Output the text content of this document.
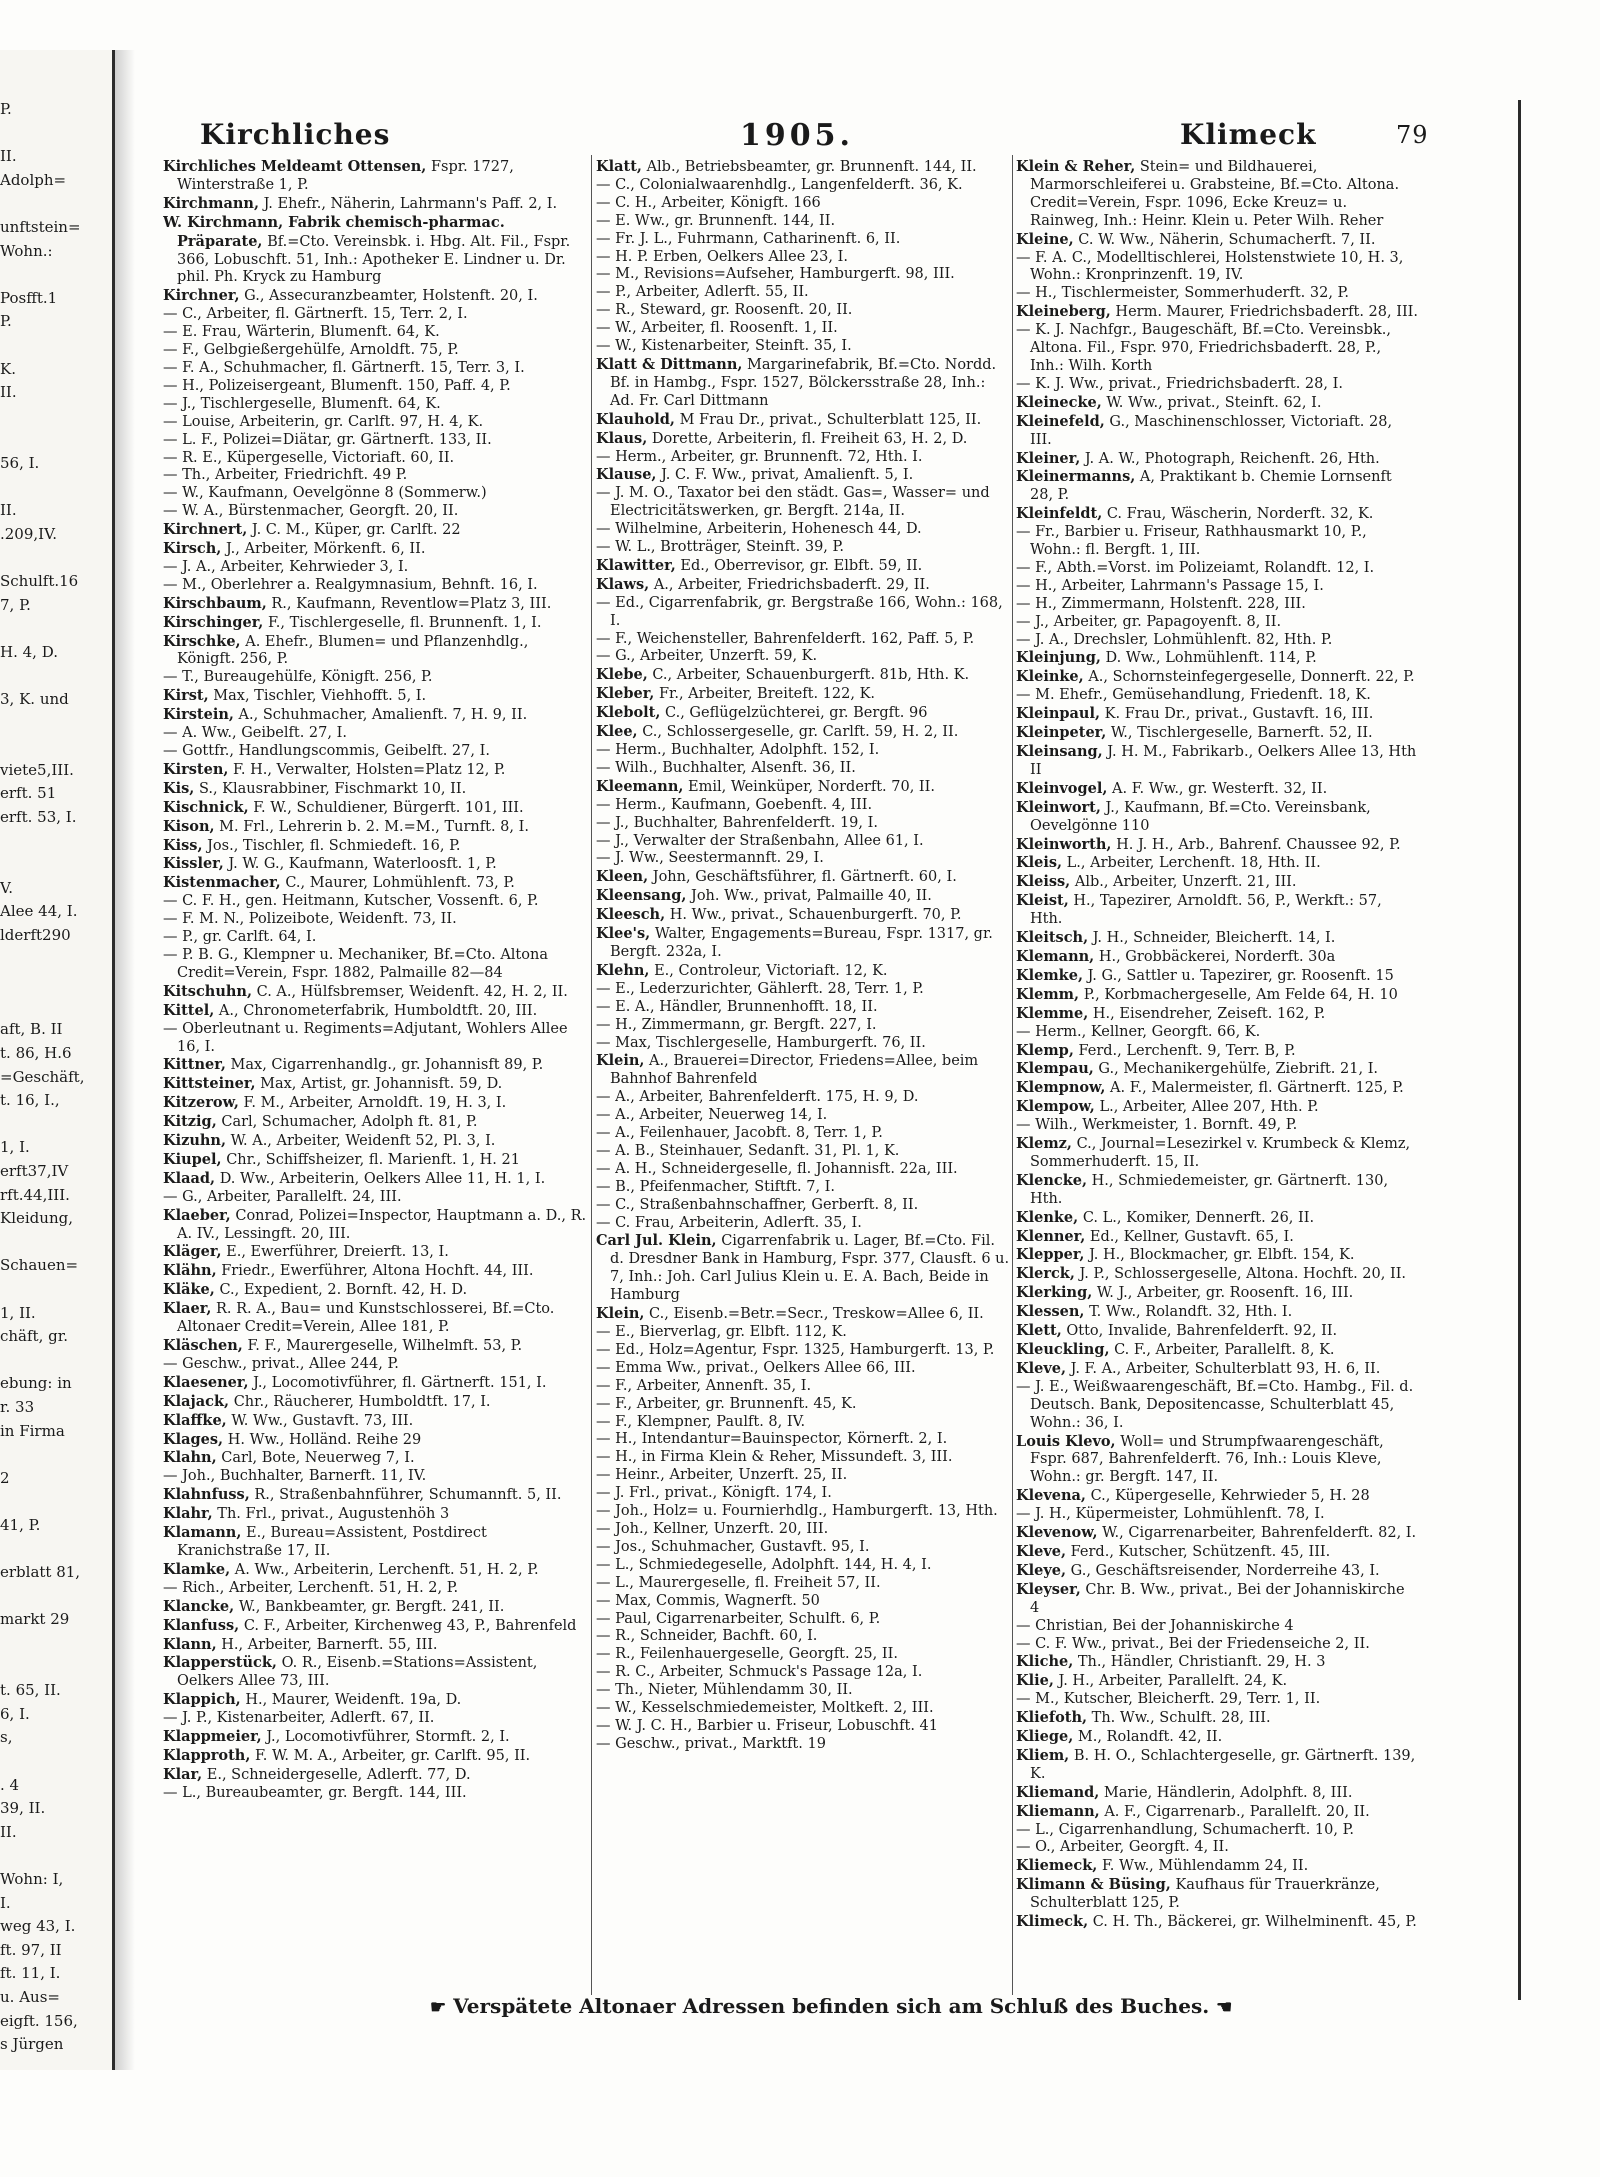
P.
II.
Adolph=
unftstein=
Wohn.:
Posfft.1
P.
K.
II.
56, I.
II.
.209,IV.
Schulft.16
7, P.
H. 4, D.
3, K. und
viete5,III.
erft. 51
erft. 53, I.
V.
Alee 44, I.
lderft290
aft, B. II
t. 86, H.6
=Geschäft,
t. 16, I.,
1, I.
erft37,IV
rft.44,III.
Kleidung,
Schauen=
1, II.
chäft, gr.
ebung: in
r. 33
in Firma
2
41, P.
erblatt 81,
markt 29
t. 65, II.
6, I.
s,
. 4
39, II.
II.
Wohn: I,
I.
weg 43, I.
ft. 97, II
ft. 11, I.
u. Aus=
eigft. 156,
s Jürgen
Kirchliches	1905.	Klimeck	79

Kirchliches Meldeamt Ottensen, Fspr. 1727, Winterstraße 1, P.

Kirchmann, J. Ehefr., Näherin, Lahrmann's Paff. 2, I.

W. Kirchmann, Fabrik chemisch-pharmac. Präparate, Bf.=Cto. Vereinsbk. i. Hbg. Alt. Fil., Fspr. 366, Lobuschft. 51, Inh.: Apotheker E. Lindner u. Dr. phil. Ph. Kryck zu Hamburg

Kirchner, G., Assecuranzbeamter, Holstenft. 20, I.

— C., Arbeiter, fl. Gärtnerft. 15, Terr. 2, I.

— E. Frau, Wärterin, Blumenft. 64, K.

— F., Gelbgießergehülfe, Arnoldft. 75, P.

— F. A., Schuhmacher, fl. Gärtnerft. 15, Terr. 3, I.

— H., Polizeisergeant, Blumenft. 150, Paff. 4, P.

— J., Tischlergeselle, Blumenft. 64, K.

— Louise, Arbeiterin, gr. Carlft. 97, H. 4, K.

— L. F., Polizei=Diätar, gr. Gärtnerft. 133, II.

— R. E., Küpergeselle, Victoriaft. 60, II.

— Th., Arbeiter, Friedrichft. 49 P.

— W., Kaufmann, Oevelgönne 8 (Sommerw.)

— W. A., Bürstenmacher, Georgft. 20, II.

Kirchnert, J. C. M., Küper, gr. Carlft. 22

Kirsch, J., Arbeiter, Mörkenft. 6, II.

— J. A., Arbeiter, Kehrwieder 3, I.

— M., Oberlehrer a. Realgymnasium, Behnft. 16, I.

Kirschbaum, R., Kaufmann, Reventlow=Platz 3, III.

Kirschinger, F., Tischlergeselle, fl. Brunnenft. 1, I.

Kirschke, A. Ehefr., Blumen= und Pflanzenhdlg., Königft. 256, P.

— T., Bureaugehülfe, Königft. 256, P.

Kirst, Max, Tischler, Viehhofft. 5, I.

Kirstein, A., Schuhmacher, Amalienft. 7, H. 9, II.

— A. Ww., Geibelft. 27, I.

— Gottfr., Handlungscommis, Geibelft. 27, I.

Kirsten, F. H., Verwalter, Holsten=Platz 12, P.

Kis, S., Klausrabbiner, Fischmarkt 10, II.

Kischnick, F. W., Schuldiener, Bürgerft. 101, III.

Kison, M. Frl., Lehrerin b. 2. M.=M., Turnft. 8, I.

Kiss, Jos., Tischler, fl. Schmiedeft. 16, P.

Kissler, J. W. G., Kaufmann, Waterloosft. 1, P.

Kistenmacher, C., Maurer, Lohmühlenft. 73, P.

— C. F. H., gen. Heitmann, Kutscher, Vossenft. 6, P.

— F. M. N., Polizeibote, Weidenft. 73, II.

— P., gr. Carlft. 64, I.

— P. B. G., Klempner u. Mechaniker, Bf.=Cto. Altona Credit=Verein, Fspr. 1882, Palmaille 82—84

Kitschuhn, C. A., Hülfsbremser, Weidenft. 42, H. 2, II.

Kittel, A., Chronometerfabrik, Humboldtft. 20, III.

— Oberleutnant u. Regiments=Adjutant, Wohlers Allee 16, I.

Kittner, Max, Cigarrenhandlg., gr. Johannisft 89, P.

Kittsteiner, Max, Artist, gr. Johannisft. 59, D.

Kitzerow, F. M., Arbeiter, Arnoldft. 19, H. 3, I.

Kitzig, Carl, Schumacher, Adolph ft. 81, P.

Kizuhn, W. A., Arbeiter, Weidenft 52, Pl. 3, I.

Kiupel, Chr., Schiffsheizer, fl. Marienft. 1, H. 21

Klaad, D. Ww., Arbeiterin, Oelkers Allee 11, H. 1, I.

— G., Arbeiter, Parallelft. 24, III.

Klaeber, Conrad, Polizei=Inspector, Hauptmann a. D., R. A. IV., Lessingft. 20, III.

Kläger, E., Ewerführer, Dreierft. 13, I.

Klähn, Friedr., Ewerführer, Altona Hochft. 44, III.

Kläke, C., Expedient, 2. Bornft. 42, H. D.

Klaer, R. R. A., Bau= und Kunstschlosserei, Bf.=Cto. Altonaer Credit=Verein, Allee 181, P.

Kläschen, F. F., Maurergeselle, Wilhelmft. 53, P.

— Geschw., privat., Allee 244, P.

Klaesener, J., Locomotivführer, fl. Gärtnerft. 151, I.

Klajack, Chr., Räucherer, Humboldtft. 17, I.

Klaffke, W. Ww., Gustavft. 73, III.

Klages, H. Ww., Holländ. Reihe 29

Klahn, Carl, Bote, Neuerweg 7, I.

— Joh., Buchhalter, Barnerft. 11, IV.

Klahnfuss, R., Straßenbahnführer, Schumannft. 5, II.

Klahr, Th. Frl., privat., Augustenhöh 3

Klamann, E., Bureau=Assistent, Postdirect Kranichstraße 17, II.

Klamke, A. Ww., Arbeiterin, Lerchenft. 51, H. 2, P.

— Rich., Arbeiter, Lerchenft. 51, H. 2, P.

Klancke, W., Bankbeamter, gr. Bergft. 241, II.

Klanfuss, C. F., Arbeiter, Kirchenweg 43, P., Bahrenfeld

Klann, H., Arbeiter, Barnerft. 55, III.

Klapperstück, O. R., Eisenb.=Stations=Assistent, Oelkers Allee 73, III.

Klappich, H., Maurer, Weidenft. 19a, D.

— J. P., Kistenarbeiter, Adlerft. 67, II.

Klappmeier, J., Locomotivführer, Stormft. 2, I.

Klapproth, F. W. M. A., Arbeiter, gr. Carlft. 95, II.

Klar, E., Schneidergeselle, Adlerft. 77, D.

— L., Bureaubeamter, gr. Bergft. 144, III.

Klatt, Alb., Betriebsbeamter, gr. Brunnenft. 144, II.

— C., Colonialwaarenhdlg., Langenfelderft. 36, K.

— C. H., Arbeiter, Königft. 166

— E. Ww., gr. Brunnenft. 144, II.

— Fr. J. L., Fuhrmann, Catharinenft. 6, II.

— H. P. Erben, Oelkers Allee 23, I.

— M., Revisions=Aufseher, Hamburgerft. 98, III.

— P., Arbeiter, Adlerft. 55, II.

— R., Steward, gr. Roosenft. 20, II.

— W., Arbeiter, fl. Roosenft. 1, II.

— W., Kistenarbeiter, Steinft. 35, I.

Klatt & Dittmann, Margarinefabrik, Bf.=Cto. Nordd. Bf. in Hambg., Fspr. 1527, Bölckersstraße 28, Inh.: Ad. Fr. Carl Dittmann

Klauhold, M Frau Dr., privat., Schulterblatt 125, II.

Klaus, Dorette, Arbeiterin, fl. Freiheit 63, H. 2, D.

— Herm., Arbeiter, gr. Brunnenft. 72, Hth. I.

Klause, J. C. F. Ww., privat, Amalienft. 5, I.

— J. M. O., Taxator bei den städt. Gas=, Wasser= und Electricitätswerken, gr. Bergft. 214a, II.

— Wilhelmine, Arbeiterin, Hohenesch 44, D.

— W. L., Brotträger, Steinft. 39, P.

Klawitter, Ed., Oberrevisor, gr. Elbft. 59, II.

Klaws, A., Arbeiter, Friedrichsbaderft. 29, II.

— Ed., Cigarrenfabrik, gr. Bergstraße 166, Wohn.: 168, I.

— F., Weichensteller, Bahrenfelderft. 162, Paff. 5, P.

— G., Arbeiter, Unzerft. 59, K.

Klebe, C., Arbeiter, Schauenburgerft. 81b, Hth. K.

Kleber, Fr., Arbeiter, Breiteft. 122, K.

Klebolt, C., Geflügelzüchterei, gr. Bergft. 96

Klee, C., Schlossergeselle, gr. Carlft. 59, H. 2, II.

— Herm., Buchhalter, Adolphft. 152, I.

— Wilh., Buchhalter, Alsenft. 36, II.

Kleemann, Emil, Weinküper, Norderft. 70, II.

— Herm., Kaufmann, Goebenft. 4, III.

— J., Buchhalter, Bahrenfelderft. 19, I.

— J., Verwalter der Straßenbahn, Allee 61, I.

— J. Ww., Seestermannft. 29, I.

Kleen, John, Geschäftsführer, fl. Gärtnerft. 60, I.

Kleensang, Joh. Ww., privat, Palmaille 40, II.

Kleesch, H. Ww., privat., Schauenburgerft. 70, P.

Klee's, Walter, Engagements=Bureau, Fspr. 1317, gr. Bergft. 232a, I.

Klehn, E., Controleur, Victoriaft. 12, K.

— E., Lederzurichter, Gählerft. 28, Terr. 1, P.

— E. A., Händler, Brunnenhofft. 18, II.

— H., Zimmermann, gr. Bergft. 227, I.

— Max, Tischlergeselle, Hamburgerft. 76, II.

Klein, A., Brauerei=Director, Friedens=Allee, beim Bahnhof Bahrenfeld

— A., Arbeiter, Bahrenfelderft. 175, H. 9, D.

— A., Arbeiter, Neuerweg 14, I.

— A., Feilenhauer, Jacobft. 8, Terr. 1, P.

— A. B., Steinhauer, Sedanft. 31, Pl. 1, K.

— A. H., Schneidergeselle, fl. Johannisft. 22a, III.

— B., Pfeifenmacher, Stiftft. 7, I.

— C., Straßenbahnschaffner, Gerberft. 8, II.

— C. Frau, Arbeiterin, Adlerft. 35, I.

Carl Jul. Klein, Cigarrenfabrik u. Lager, Bf.=Cto. Fil. d. Dresdner Bank in Hamburg, Fspr. 377, Clausft. 6 u. 7, Inh.: Joh. Carl Julius Klein u. E. A. Bach, Beide in Hamburg

Klein, C., Eisenb.=Betr.=Secr., Treskow=Allee 6, II.

— E., Bierverlag, gr. Elbft. 112, K.

— Ed., Holz=Agentur, Fspr. 1325, Hamburgerft. 13, P.

— Emma Ww., privat., Oelkers Allee 66, III.

— F., Arbeiter, Annenft. 35, I.

— F., Arbeiter, gr. Brunnenft. 45, K.

— F., Klempner, Paulft. 8, IV.

— H., Intendantur=Bauinspector, Körnerft. 2, I.

— H., in Firma Klein & Reher, Missundeft. 3, III.

— Heinr., Arbeiter, Unzerft. 25, II.

— J. Frl., privat., Königft. 174, I.

— Joh., Holz= u. Fournierhdlg., Hamburgerft. 13, Hth.

— Joh., Kellner, Unzerft. 20, III.

— Jos., Schuhmacher, Gustavft. 95, I.

— L., Schmiedegeselle, Adolphft. 144, H. 4, I.

— L., Maurergeselle, fl. Freiheit 57, II.

— Max, Commis, Wagnerft. 50

— Paul, Cigarrenarbeiter, Schulft. 6, P.

— R., Schneider, Bachft. 60, I.

— R., Feilenhauergeselle, Georgft. 25, II.

— R. C., Arbeiter, Schmuck's Passage 12a, I.

— Th., Nieter, Mühlendamm 30, II.

— W., Kesselschmiedemeister, Moltkeft. 2, III.

— W. J. C. H., Barbier u. Friseur, Lobuschft. 41

— Geschw., privat., Marktft. 19

Klein & Reher, Stein= und Bildhauerei, Marmorschleiferei u. Grabsteine, Bf.=Cto. Altona. Credit=Verein, Fspr. 1096, Ecke Kreuz= u. Rainweg, Inh.: Heinr. Klein u. Peter Wilh. Reher

Kleine, C. W. Ww., Näherin, Schumacherft. 7, II.

— F. A. C., Modelltischlerei, Holstenstwiete 10, H. 3, Wohn.: Kronprinzenft. 19, IV.

— H., Tischlermeister, Sommerhuderft. 32, P.

Kleineberg, Herm. Maurer, Friedrichsbaderft. 28, III.

— K. J. Nachfgr., Baugeschäft, Bf.=Cto. Vereinsbk., Altona. Fil., Fspr. 970, Friedrichsbaderft. 28, P., Inh.: Wilh. Korth

— K. J. Ww., privat., Friedrichsbaderft. 28, I.

Kleinecke, W. Ww., privat., Steinft. 62, I.

Kleinefeld, G., Maschinenschlosser, Victoriaft. 28, III.

Kleiner, J. A. W., Photograph, Reichenft. 26, Hth.

Kleinermanns, A, Praktikant b. Chemie Lornsenft 28, P.

Kleinfeldt, C. Frau, Wäscherin, Norderft. 32, K.

— Fr., Barbier u. Friseur, Rathhausmarkt 10, P., Wohn.: fl. Bergft. 1, III.

— F., Abth.=Vorst. im Polizeiamt, Rolandft. 12, I.

— H., Arbeiter, Lahrmann's Passage 15, I.

— H., Zimmermann, Holstenft. 228, III.

— J., Arbeiter, gr. Papagoyenft. 8, II.

— J. A., Drechsler, Lohmühlenft. 82, Hth. P.

Kleinjung, D. Ww., Lohmühlenft. 114, P.

Kleinke, A., Schornsteinfegergeselle, Donnerft. 22, P.

— M. Ehefr., Gemüsehandlung, Friedenft. 18, K.

Kleinpaul, K. Frau Dr., privat., Gustavft. 16, III.

Kleinpeter, W., Tischlergeselle, Barnerft. 52, II.

Kleinsang, J. H. M., Fabrikarb., Oelkers Allee 13, Hth II

Kleinvogel, A. F. Ww., gr. Westerft. 32, II.

Kleinwort, J., Kaufmann, Bf.=Cto. Vereinsbank, Oevelgönne 110

Kleinworth, H. J. H., Arb., Bahrenf. Chaussee 92, P.

Kleis, L., Arbeiter, Lerchenft. 18, Hth. II.

Kleiss, Alb., Arbeiter, Unzerft. 21, III.

Kleist, H., Tapezirer, Arnoldft. 56, P., Werkft.: 57, Hth.

Kleitsch, J. H., Schneider, Bleicherft. 14, I.

Klemann, H., Grobbäckerei, Norderft. 30a

Klemke, J. G., Sattler u. Tapezirer, gr. Roosenft. 15

Klemm, P., Korbmachergeselle, Am Felde 64, H. 10

Klemme, H., Eisendreher, Zeiseft. 162, P.

— Herm., Kellner, Georgft. 66, K.

Klemp, Ferd., Lerchenft. 9, Terr. B, P.

Klempau, G., Mechanikergehülfe, Ziebrift. 21, I.

Klempnow, A. F., Malermeister, fl. Gärtnerft. 125, P.

Klempow, L., Arbeiter, Allee 207, Hth. P.

— Wilh., Werkmeister, 1. Bornft. 49, P.

Klemz, C., Journal=Lesezirkel v. Krumbeck & Klemz, Sommerhuderft. 15, II.

Klencke, H., Schmiedemeister, gr. Gärtnerft. 130, Hth.

Klenke, C. L., Komiker, Dennerft. 26, II.

Klenner, Ed., Kellner, Gustavft. 65, I.

Klepper, J. H., Blockmacher, gr. Elbft. 154, K.

Klerck, J. P., Schlossergeselle, Altona. Hochft. 20, II.

Klerking, W. J., Arbeiter, gr. Roosenft. 16, III.

Klessen, T. Ww., Rolandft. 32, Hth. I.

Klett, Otto, Invalide, Bahrenfelderft. 92, II.

Kleuckling, C. F., Arbeiter, Parallelft. 8, K.

Kleve, J. F. A., Arbeiter, Schulterblatt 93, H. 6, II.

— J. E., Weißwaarengeschäft, Bf.=Cto. Hambg., Fil. d. Deutsch. Bank, Depositencasse, Schulterblatt 45, Wohn.: 36, I.

Louis Klevo, Woll= und Strumpfwaarengeschäft, Fspr. 687, Bahrenfelderft. 76, Inh.: Louis Kleve, Wohn.: gr. Bergft. 147, II.

Klevena, C., Küpergeselle, Kehrwieder 5, H. 28

— J. H., Küpermeister, Lohmühlenft. 78, I.

Klevenow, W., Cigarrenarbeiter, Bahrenfelderft. 82, I.

Kleve, Ferd., Kutscher, Schützenft. 45, III.

Kleye, G., Geschäftsreisender, Norderreihe 43, I.

Kleyser, Chr. B. Ww., privat., Bei der Johanniskirche 4

— Christian, Bei der Johanniskirche 4

— C. F. Ww., privat., Bei der Friedenseiche 2, II.

Kliche, Th., Händler, Christianft. 29, H. 3

Klie, J. H., Arbeiter, Parallelft. 24, K.

— M., Kutscher, Bleicherft. 29, Terr. 1, II.

Kliefoth, Th. Ww., Schulft. 28, III.

Kliege, M., Rolandft. 42, II.

Kliem, B. H. O., Schlachtergeselle, gr. Gärtnerft. 139, K.

Kliemand, Marie, Händlerin, Adolphft. 8, III.

Kliemann, A. F., Cigarrenarb., Parallelft. 20, II.

— L., Cigarrenhandlung, Schumacherft. 10, P.

— O., Arbeiter, Georgft. 4, II.

Kliemeck, F. Ww., Mühlendamm 24, II.

Klimann & Büsing, Kaufhaus für Trauerkränze, Schulterblatt 125, P.

Klimeck, C. H. Th., Bäckerei, gr. Wilhelminenft. 45, P.

☛ Verspätete Altonaer Adressen befinden sich am Schluß des Buches. ☚
